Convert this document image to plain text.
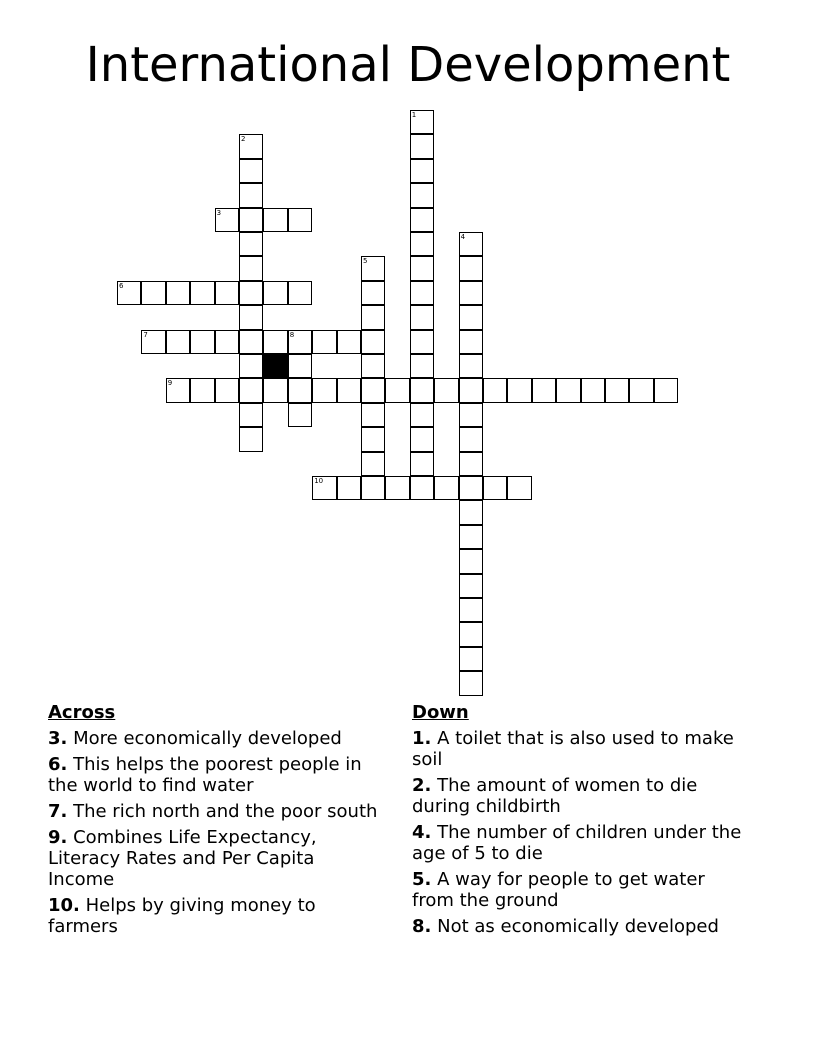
International Development
1
2
3
4
5
6
7	8
9
10
Across
3. More economically developed
6. This helps the poorest people in the world to find water
7. The rich north and the poor south
9. Combines Life Expectancy, Literacy Rates and Per Capita Income
10. Helps by giving money to farmers
Down
1. A toilet that is also used to make soil
2. The amount of women to die during childbirth
4. The number of children under the age of 5 to die
5. A way for people to get water from the ground
8. Not as economically developed
